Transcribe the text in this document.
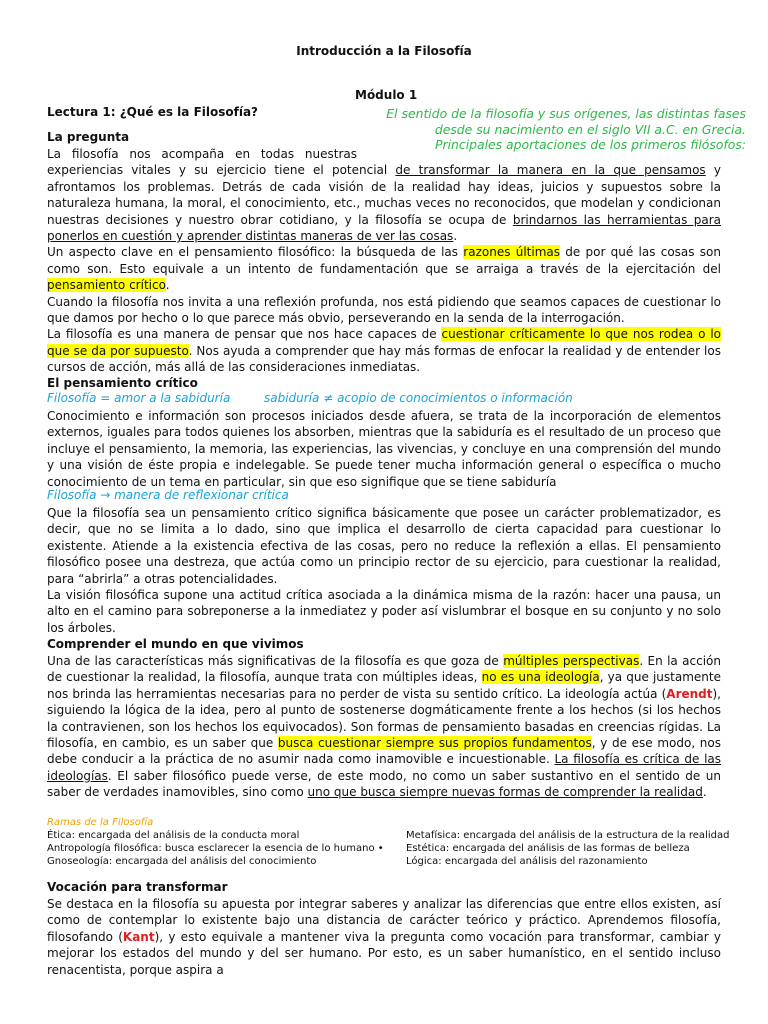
Introducción a la Filosofía
Módulo 1
Lectura 1: ¿Qué es la Filosofía?	El sentido de la filosofía y sus orígenes, las distintas fases desde su nacimiento en el siglo VII a.C. en Grecia. Principales aportaciones de los primeros filósofos:

La pregunta

La filosofía nos acompaña en todas nuestras
experiencias vitales y su ejercicio tiene el potencial de transformar la manera en la que pensamos y afrontamos los problemas. Detrás de cada visión de la realidad hay ideas, juicios y supuestos sobre la naturaleza humana, la moral, el conocimiento, etc., muchas veces no reconocidos, que modelan y condicionan nuestras decisiones y nuestro obrar cotidiano, y la filosofía se ocupa de brindarnos las herramientas para ponerlos en cuestión y aprender distintas maneras de ver las cosas.
Un aspecto clave en el pensamiento filosófico: la búsqueda de las razones últimas de por qué las cosas son como son. Esto equivale a un intento de fundamentación que se arraiga a través de la ejercitación del pensamiento crítico.
Cuando la filosofía nos invita a una reflexión profunda, nos está pidiendo que seamos capaces de cuestionar lo que damos por hecho o lo que parece más obvio, perseverando en la senda de la interrogación.
La filosofía es una manera de pensar que nos hace capaces de cuestionar críticamente lo que nos rodea o lo que se da por supuesto. Nos ayuda a comprender que hay más formas de enfocar la realidad y de entender los cursos de acción, más allá de las consideraciones inmediatas.

El pensamiento crítico
Filosofía = amor a la sabiduría	sabiduría ≠ acopio de conocimientos o información

Conocimiento e información son procesos iniciados desde afuera, se trata de la incorporación de elementos externos, iguales para todos quienes los absorben, mientras que la sabiduría es el resultado de un proceso que incluye el pensamiento, la memoria, las experiencias, las vivencias, y concluye en una comprensión del mundo y una visión de éste propia e indelegable. Se puede tener mucha información general o específica o mucho conocimiento de un tema en particular, sin que eso signifique que se tiene sabiduría

Filosofía → manera de reflexionar crítica

Que la filosofía sea un pensamiento crítico significa básicamente que posee un carácter problematizador, es decir, que no se limita a lo dado, sino que implica el desarrollo de cierta capacidad para cuestionar lo existente. Atiende a la existencia efectiva de las cosas, pero no reduce la reflexión a ellas. El pensamiento filosófico posee una destreza, que actúa como un principio rector de su ejercicio, para cuestionar la realidad, para “abrirla” a otras potencialidades.

La visión filosófica supone una actitud crítica asociada a la dinámica misma de la razón: hacer una pausa, un alto en el camino para sobreponerse a la inmediatez y poder así vislumbrar el bosque en su conjunto y no solo los árboles.

Comprender el mundo en que vivimos

Una de las características más significativas de la filosofía es que goza de múltiples perspectivas. En la acción de cuestionar la realidad, la filosofía, aunque trata con múltiples ideas, no es una ideología, ya que justamente nos brinda las herramientas necesarias para no perder de vista su sentido crítico. La ideología actúa (Arendt), siguiendo la lógica de la idea, pero al punto de sostenerse dogmáticamente frente a los hechos (si los hechos la contravienen, son los hechos los equivocados). Son formas de pensamiento basadas en creencias rígidas. La filosofía, en cambio, es un saber que busca cuestionar siempre sus propios fundamentos, y de ese modo, nos debe conducir a la práctica de no asumir nada como inamovible e incuestionable. La filosofía es crítica de las ideologías. El saber filosófico puede verse, de este modo, no como un saber sustantivo en el sentido de un saber de verdades inamovibles, sino como uno que busca siempre nuevas formas de comprender la realidad.

Ramas de la Filosofía
Ética: encargada del análisis de la conducta moral
Antropología filosófica: busca esclarecer la esencia de lo humano •
Gnoseología: encargada del análisis del conocimiento
Metafísica: encargada del análisis de la estructura de la realidad
Estética: encargada del análisis de las formas de belleza
Lógica: encargada del análisis del razonamiento
Vocación para transformar

Se destaca en la filosofía su apuesta por integrar saberes y analizar las diferencias que entre ellos existen, así como de contemplar lo existente bajo una distancia de carácter teórico y práctico. Aprendemos filosofía, filosofando (Kant), y esto equivale a mantener viva la pregunta como vocación para transformar, cambiar y mejorar los estados del mundo y del ser humano. Por esto, es un saber humanístico, en el sentido incluso renacentista, porque aspira a
